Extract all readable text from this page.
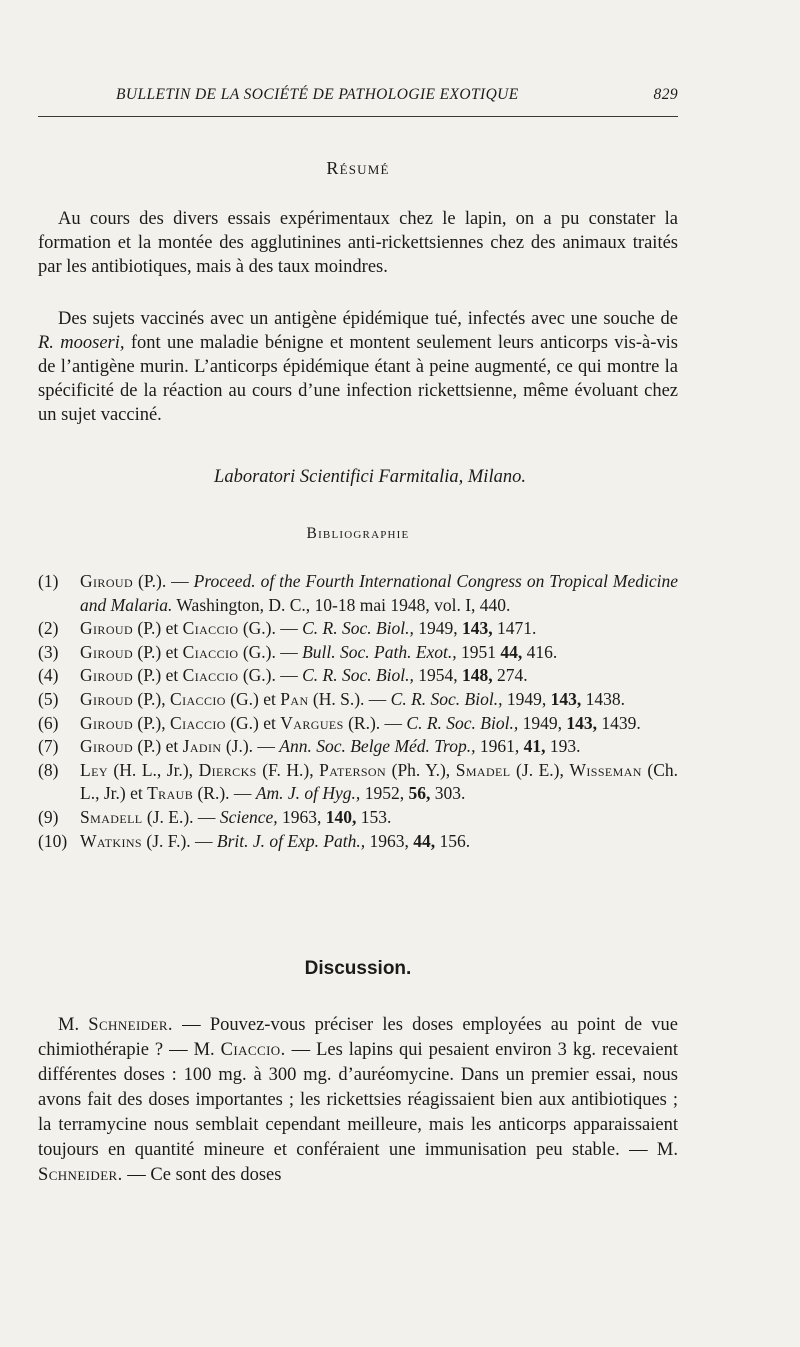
BULLETIN DE LA SOCIÉTÉ DE PATHOLOGIE EXOTIQUE	829
Résumé

Au cours des divers essais expérimentaux chez le lapin, on a pu constater la formation et la montée des agglutinines anti-rickettsiennes chez des animaux traités par les antibiotiques, mais à des taux moindres.

Des sujets vaccinés avec un antigène épidémique tué, infectés avec une souche de R. mooseri, font une maladie bénigne et montent seulement leurs anticorps vis-à-vis de l’antigène murin. L’anticorps épidémique étant à peine augmenté, ce qui montre la spécificité de la réaction au cours d’une infection rickettsienne, même évoluant chez un sujet vacciné.

Laboratori Scientifici Farmitalia, Milano.
Bibliographie

(1)	Giroud (P.). — Proceed. of the Fourth International Congress on Tropical Medicine and Malaria. Washington, D. C., 10-18 mai 1948, vol. I, 440.

(2)	Giroud (P.) et Ciaccio (G.). — C. R. Soc. Biol., 1949, 143, 1471.

(3)	Giroud (P.) et Ciaccio (G.). — Bull. Soc. Path. Exot., 1951 44, 416.

(4)	Giroud (P.) et Ciaccio (G.). — C. R. Soc. Biol., 1954, 148, 274.

(5)	Giroud (P.), Ciaccio (G.) et Pan (H. S.). — C. R. Soc. Biol., 1949, 143, 1438.

(6)	Giroud (P.), Ciaccio (G.) et Vargues (R.). — C. R. Soc. Biol., 1949, 143, 1439.

(7)	Giroud (P.) et Jadin (J.). — Ann. Soc. Belge Méd. Trop., 1961, 41, 193.

(8)	Ley (H. L., Jr.), Diercks (F. H.), Paterson (Ph. Y.), Smadel (J. E.), Wisseman (Ch. L., Jr.) et Traub (R.). — Am. J. of Hyg., 1952, 56, 303.

(9)	Smadell (J. E.). — Science, 1963, 140, 153.

(10) Watkins (J. F.). — Brit. J. of Exp. Path., 1963, 44, 156.

Discussion.

M. Schneider. — Pouvez-vous préciser les doses employées au point de vue chimiothérapie ? — M. Ciaccio. — Les lapins qui pesaient environ 3 kg. recevaient différentes doses : 100 mg. à 300 mg. d’auréomycine. Dans un premier essai, nous avons fait des doses importantes ; les rickettsies réagissaient bien aux antibiotiques ; la terramycine nous semblait cependant meilleure, mais les anticorps apparaissaient toujours en quantité mineure et conféraient une immunisation peu stable. — M. Schneider. — Ce sont des doses
